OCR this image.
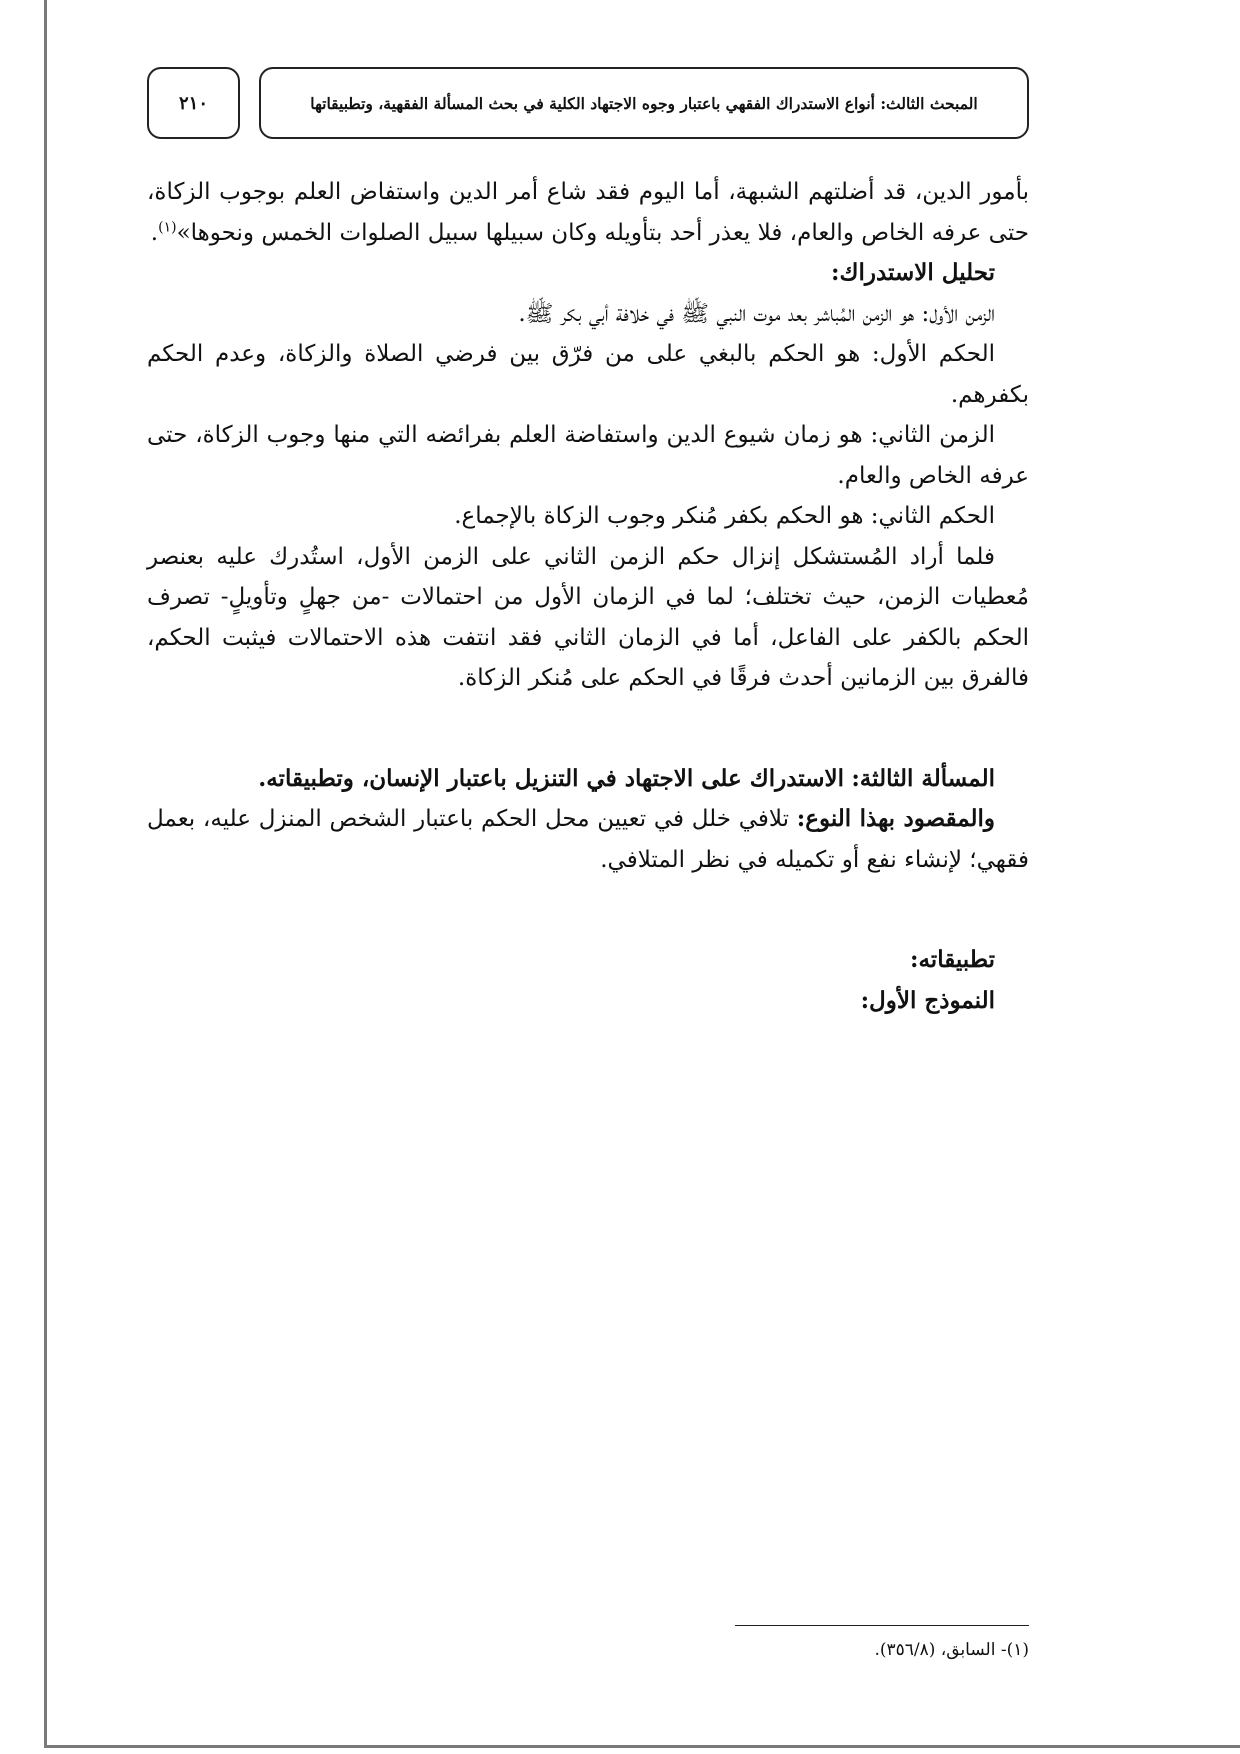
٢١٠	المبحث الثالث: أنواع الاستدراك الفقهي باعتبار وجوه الاجتهاد الكلية في بحث المسألة الفقهية، وتطبيقاتها

بأمور الدين، قد أضلتهم الشبهة، أما اليوم فقد شاع أمر الدين واستفاض العلم بوجوب الزكاة، حتى عرفه الخاص والعام، فلا يعذر أحد بتأويله وكان سبيلها سبيل الصلوات الخمس ونحوها»$^{(١)}$.

تحليل الاستدراك:

الزمن الأول: هو الزمن المُباشر بعد موت النبي ﷺ في خلافة أبي بكر ﷺ.

الحكم الأول: هو الحكم بالبغي على من فرّق بين فرضي الصلاة والزكاة، وعدم الحكم بكفرهم.

الزمن الثاني: هو زمان شيوع الدين واستفاضة العلم بفرائضه التي منها وجوب الزكاة، حتى عرفه الخاص والعام.

الحكم الثاني: هو الحكم بكفر مُنكر وجوب الزكاة بالإجماع.

فلما أراد المُستشكل إنزال حكم الزمن الثاني على الزمن الأول، استُدرك عليه بعنصر مُعطيات الزمن، حيث تختلف؛ لما في الزمان الأول من احتمالات -من جهلٍ وتأويلٍ- تصرف الحكم بالكفر على الفاعل، أما في الزمان الثاني فقد انتفت هذه الاحتمالات فيثبت الحكم، فالفرق بين الزمانين أحدث فرقًا في الحكم على مُنكر الزكاة.

المسألة الثالثة: الاستدراك على الاجتهاد في التنزيل باعتبار الإنسان، وتطبيقاته.

والمقصود بهذا النوع: تلافي خلل في تعيين محل الحكم باعتبار الشخص المنزل عليه، بعمل فقهي؛ لإنشاء نفع أو تكميله في نظر المتلافي.

تطبيقاته:

النموذج الأول:

(١)- السابق، (٣٥٦/٨).
